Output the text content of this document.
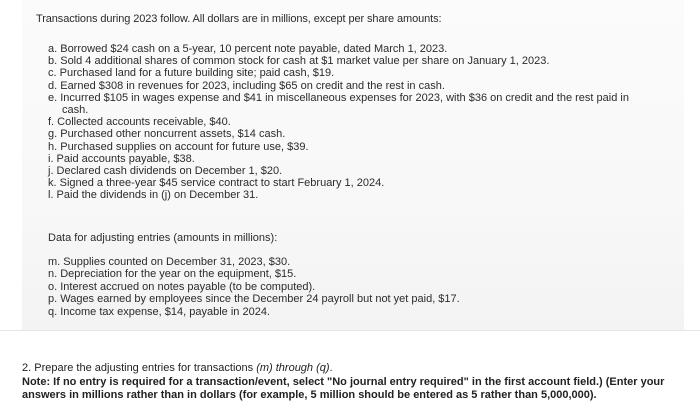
Transactions during 2023 follow. All dollars are in millions, except per share amounts:
a. Borrowed $24 cash on a 5-year, 10 percent note payable, dated March 1, 2023.
b. Sold 4 additional shares of common stock for cash at $1 market value per share on January 1, 2023.
c. Purchased land for a future building site; paid cash, $19.
d. Earned $308 in revenues for 2023, including $65 on credit and the rest in cash.
e. Incurred $105 in wages expense and $41 in miscellaneous expenses for 2023, with $36 on credit and the rest paid in
cash.
f. Collected accounts receivable, $40.
g. Purchased other noncurrent assets, $14 cash.
h. Purchased supplies on account for future use, $39.
i. Paid accounts payable, $38.
j. Declared cash dividends on December 1, $20.
k. Signed a three-year $45 service contract to start February 1, 2024.
l. Paid the dividends in (j) on December 31.
Data for adjusting entries (amounts in millions):
m. Supplies counted on December 31, 2023, $30.
n. Depreciation for the year on the equipment, $15.
o. Interest accrued on notes payable (to be computed).
p. Wages earned by employees since the December 24 payroll but not yet paid, $17.
q. Income tax expense, $14, payable in 2024.
2. Prepare the adjusting entries for transactions (m) through (q).
Note: If no entry is required for a transaction/event, select "No journal entry required" in the first account field.) (Enter your answers in millions rather than in dollars (for example, 5 million should be entered as 5 rather than 5,000,000).
